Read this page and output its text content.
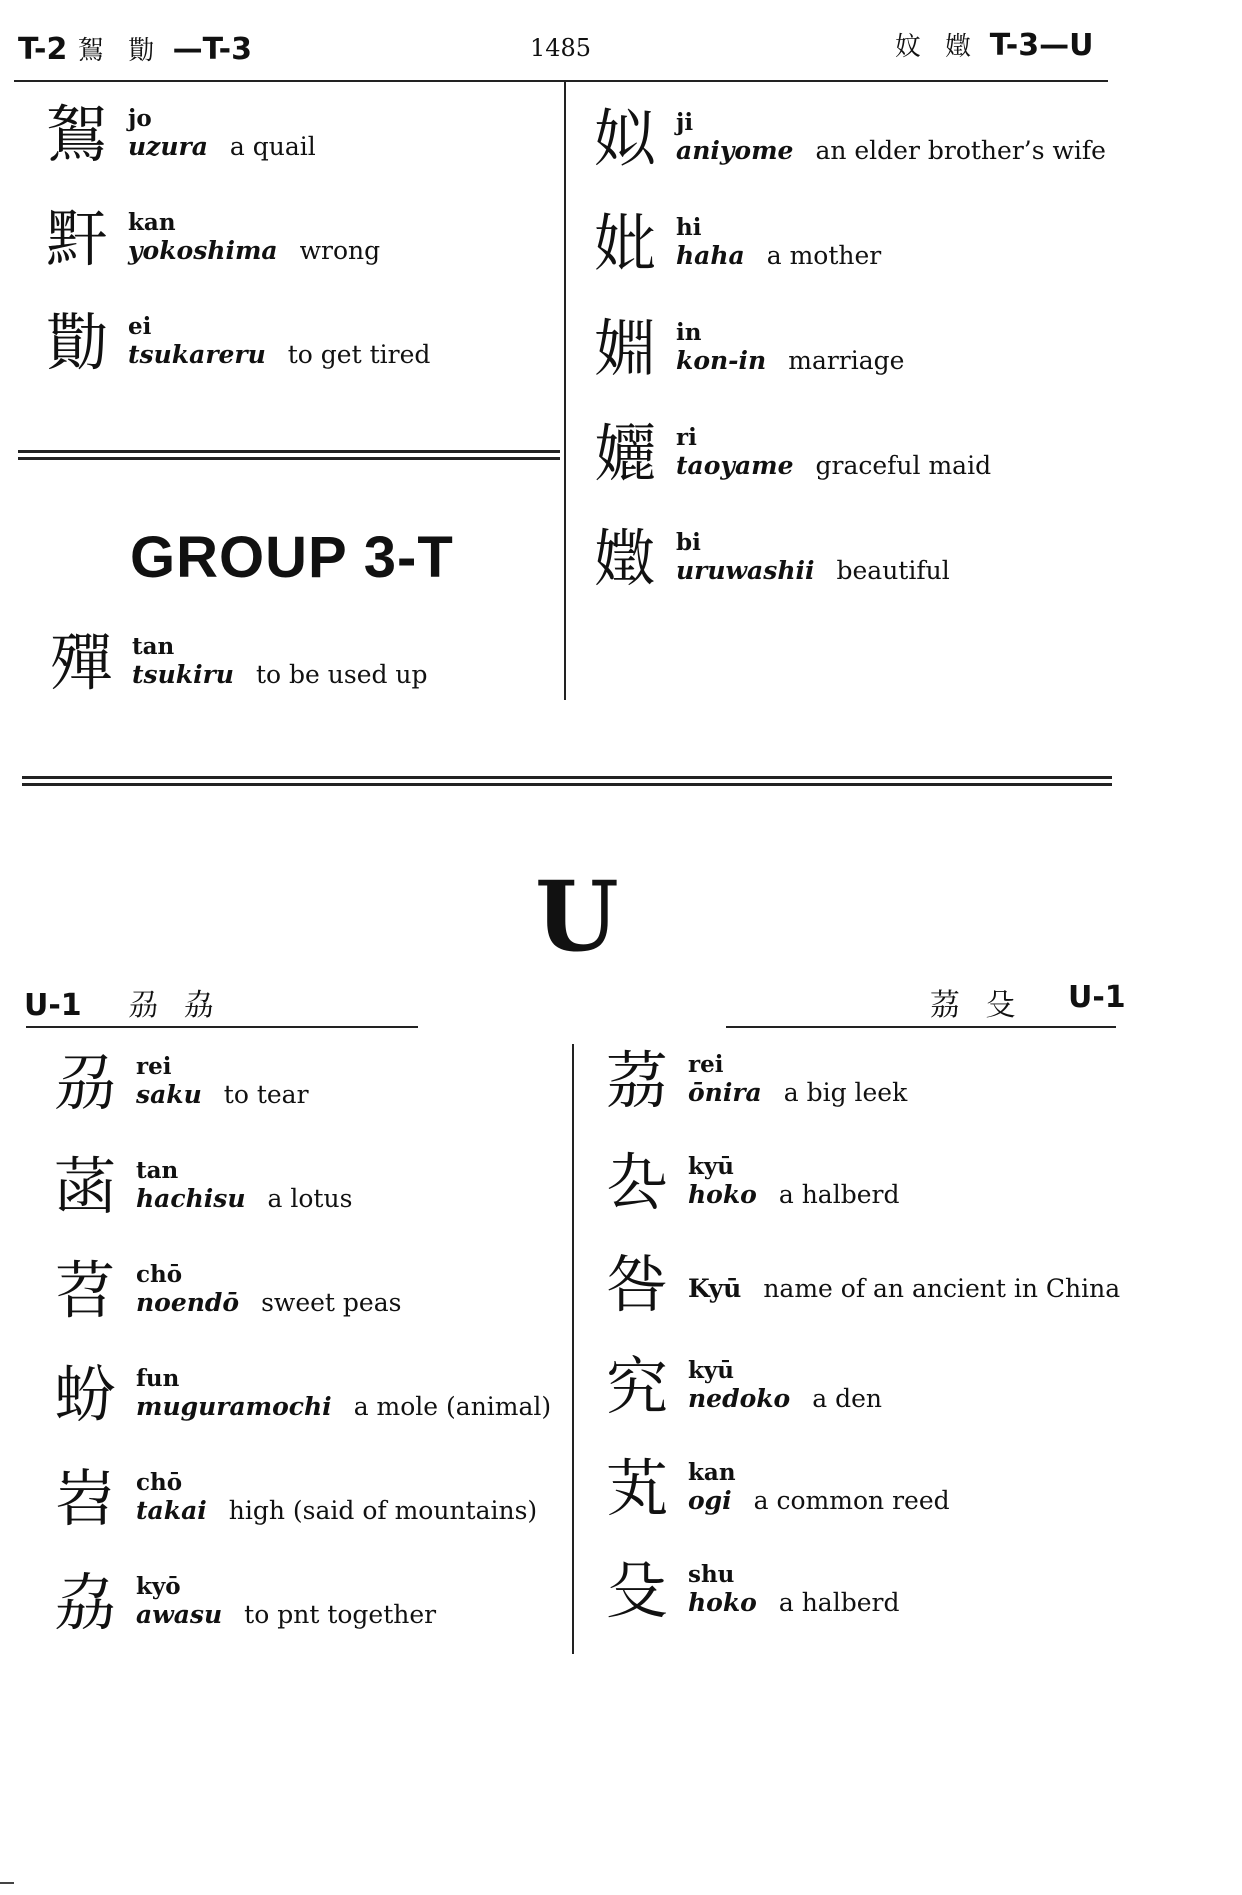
T-2 鴽 勩 —T-3	1485	妏 嬍 T-3—U
鴽 jo
uzura a quail
䵟 kan
yokoshima wrong
勩 ei
tsukareru to get tired
GROUP 3-T
殫 tan
tsukiru to be used up
姒 ji
aniyome an elder brother’s wife
妣 hi
haha a mother
婣 in
kon-in marriage
孋 ri
taoyame graceful maid
嬍 bi
uruwashii beautiful
U
U-1 刕 劦	茘 殳 U-1
刕 rei
saku to tear
菡 tan
hachisu a lotus
苕 chō
noendō sweet peas
蚡 fun
muguramochi a mole (animal)
岧 chō
takai high (said of mountains)
劦 kyō
awasu to pnt together
茘 rei
ōnira a big leek
厹 kyū
hoko a halberd
咎 Kyū name of an ancient in China
究 kyū
nedoko a den
芄 kan
ogi a common reed
殳 shu
hoko a halberd
